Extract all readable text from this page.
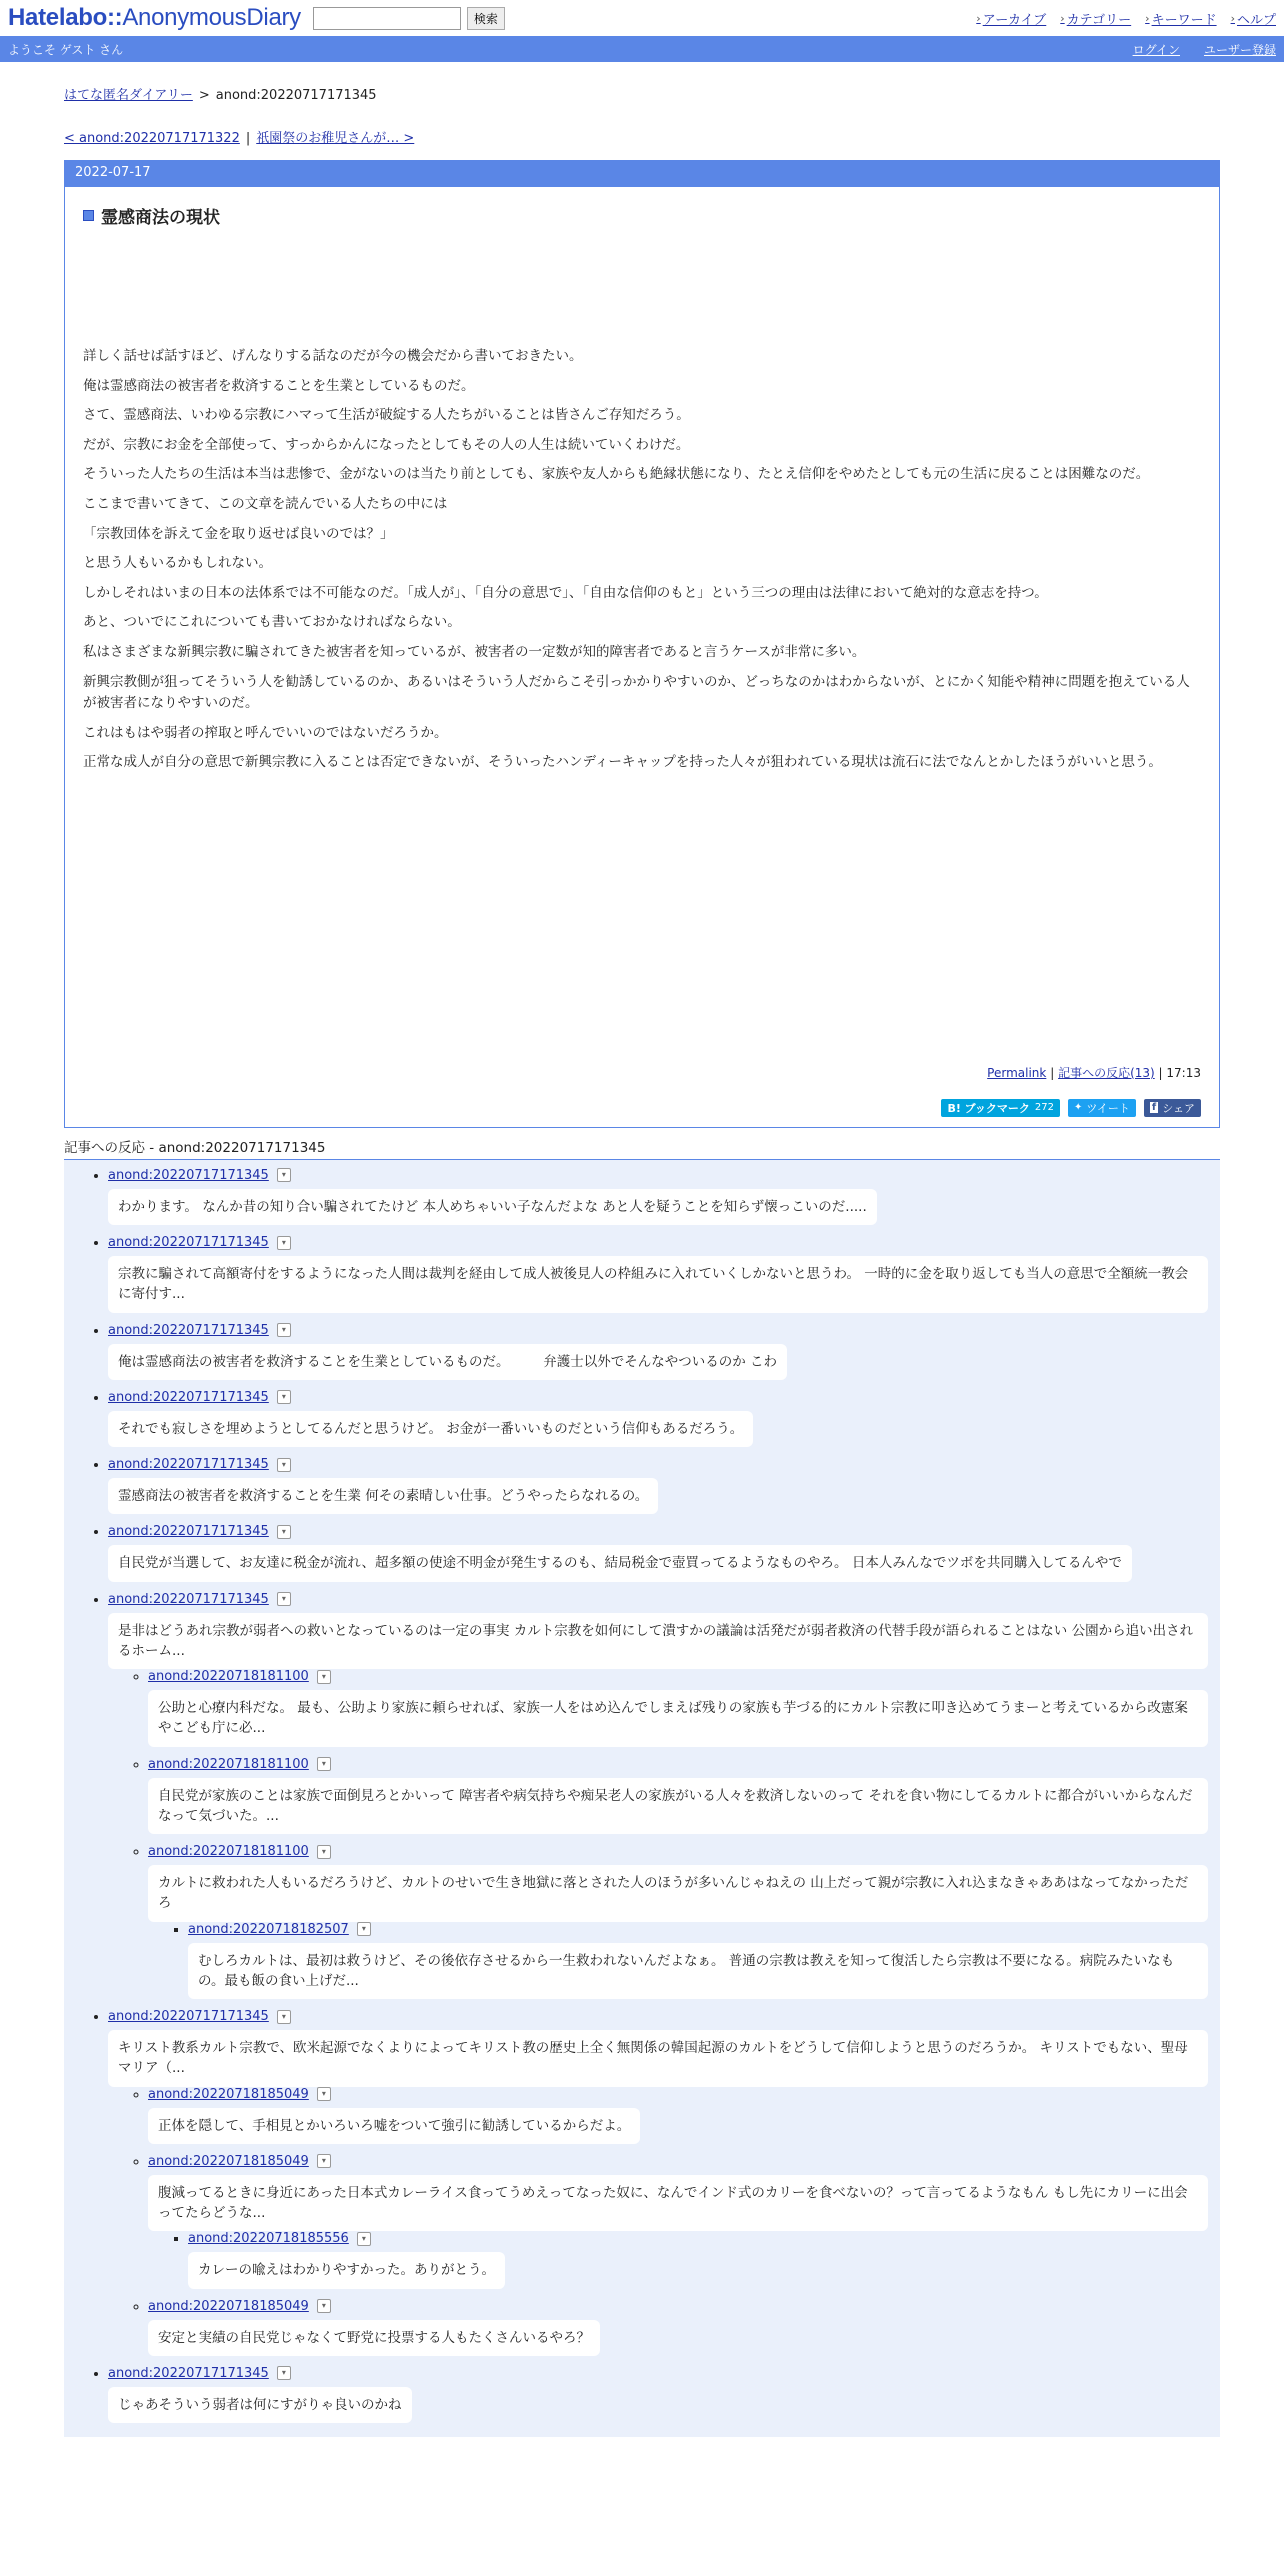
Hatelabo::AnonymousDiary	検索	› アーカイブ › カテゴリー › キーワード › ヘルプ
ようこそ ゲスト さん	ログイン ユーザー登録
はてな匿名ダイアリー > anond:20220717171345
< anond:20220717171322 | 祇園祭のお稚児さんが… >
2022-07-17
霊感商法の現状

詳しく話せば話すほど、げんなりする話なのだが今の機会だから書いておきたい。

俺は霊感商法の被害者を救済することを生業としているものだ。

さて、霊感商法、いわゆる宗教にハマって生活が破綻する人たちがいることは皆さんご存知だろう。

だが、宗教にお金を全部使って、すっからかんになったとしてもその人の人生は続いていくわけだ。

そういった人たちの生活は本当は悲惨で、金がないのは当たり前としても、家族や友人からも絶縁状態になり、たとえ信仰をやめたとしても元の生活に戻ることは困難なのだ。

ここまで書いてきて、この文章を読んでいる人たちの中には

「宗教団体を訴えて金を取り返せば良いのでは？」

と思う人もいるかもしれない。

しかしそれはいまの日本の法体系では不可能なのだ。「成人が」、「自分の意思で」、「自由な信仰のもと」という三つの理由は法律において絶対的な意志を持つ。

あと、ついでにこれについても書いておかなければならない。

私はさまざまな新興宗教に騙されてきた被害者を知っているが、被害者の一定数が知的障害者であると言うケースが非常に多い。

新興宗教側が狙ってそういう人を勧誘しているのか、あるいはそういう人だからこそ引っかかりやすいのか、どっちなのかはわからないが、とにかく知能や精神に問題を抱えている人が被害者になりやすいのだ。

これはもはや弱者の搾取と呼んでいいのではないだろうか。

正常な成人が自分の意思で新興宗教に入ることは否定できないが、そういったハンディーキャップを持った人々が狙われている現状は流石に法でなんとかしたほうがいいと思う。

Permalink | 記事への反応(13) | 17:13
B! ブックマーク 272 ✦ ツイート f シェア
記事への反応 - anond:20220717171345
• anond:20220717171345	▾
わかります。 なんか昔の知り合い騙されてたけど 本人めちゃいい子なんだよな あと人を疑うことを知らず懐っこいのだ.....
• anond:20220717171345	▾
宗教に騙されて高額寄付をするようになった人間は裁判を経由して成人被後見人の枠組みに入れていくしかないと思うわ。 一時的に金を取り返しても当人の意思で全額統一教会に寄付す...
• anond:20220717171345	▾
俺は霊感商法の被害者を救済することを生業としているものだ。　　　弁護士以外でそんなやついるのか こわ
• anond:20220717171345	▾
それでも寂しさを埋めようとしてるんだと思うけど。 お金が一番いいものだという信仰もあるだろう。
• anond:20220717171345	▾
霊感商法の被害者を救済することを生業 何その素晴しい仕事。どうやったらなれるの。
• anond:20220717171345	▾
自民党が当選して、お友達に税金が流れ、超多額の使途不明金が発生するのも、結局税金で壺買ってるようなものやろ。 日本人みんなでツボを共同購入してるんやで
• anond:20220717171345	▾
是非はどうあれ宗教が弱者への救いとなっているのは一定の事実 カルト宗教を如何にして潰すかの議論は活発だが弱者救済の代替手段が語られることはない 公園から追い出されるホーム...
◦ anond:20220718181100	▾
公助と心療内科だな。 最も、公助より家族に頼らせれば、家族一人をはめ込んでしまえば残りの家族も芋づる的にカルト宗教に叩き込めてうまーと考えているから改憲案やこども庁に必...
◦ anond:20220718181100	▾
自民党が家族のことは家族で面倒見ろとかいって 障害者や病気持ちや痴呆老人の家族がいる人々を救済しないのって それを食い物にしてるカルトに都合がいいからなんだなって気づいた。...
◦ anond:20220718181100	▾
カルトに救われた人もいるだろうけど、カルトのせいで生き地獄に落とされた人のほうが多いんじゃねえの 山上だって親が宗教に入れ込まなきゃああはなってなかっただろ
▪ anond:20220718182507	▾
むしろカルトは、最初は救うけど、その後依存させるから一生救われないんだよなぁ。 普通の宗教は教えを知って復活したら宗教は不要になる。病院みたいなもの。最も飯の食い上げだ...
• anond:20220717171345	▾
キリスト教系カルト宗教で、欧米起源でなくよりによってキリスト教の歴史上全く無関係の韓国起源のカルトをどうして信仰しようと思うのだろうか。 キリストでもない、聖母マリア（...
◦ anond:20220718185049	▾
正体を隠して、手相見とかいろいろ嘘をついて強引に勧誘しているからだよ。
◦ anond:20220718185049	▾
腹減ってるときに身近にあった日本式カレーライス食ってうめえってなった奴に、なんでインド式のカリーを食べないの？って言ってるようなもん もし先にカリーに出会ってたらどうな...
▪ anond:20220718185556	▾
カレーの喩えはわかりやすかった。ありがとう。
◦ anond:20220718185049	▾
安定と実績の自民党じゃなくて野党に投票する人もたくさんいるやろ？
• anond:20220717171345	▾
じゃあそういう弱者は何にすがりゃ良いのかね
